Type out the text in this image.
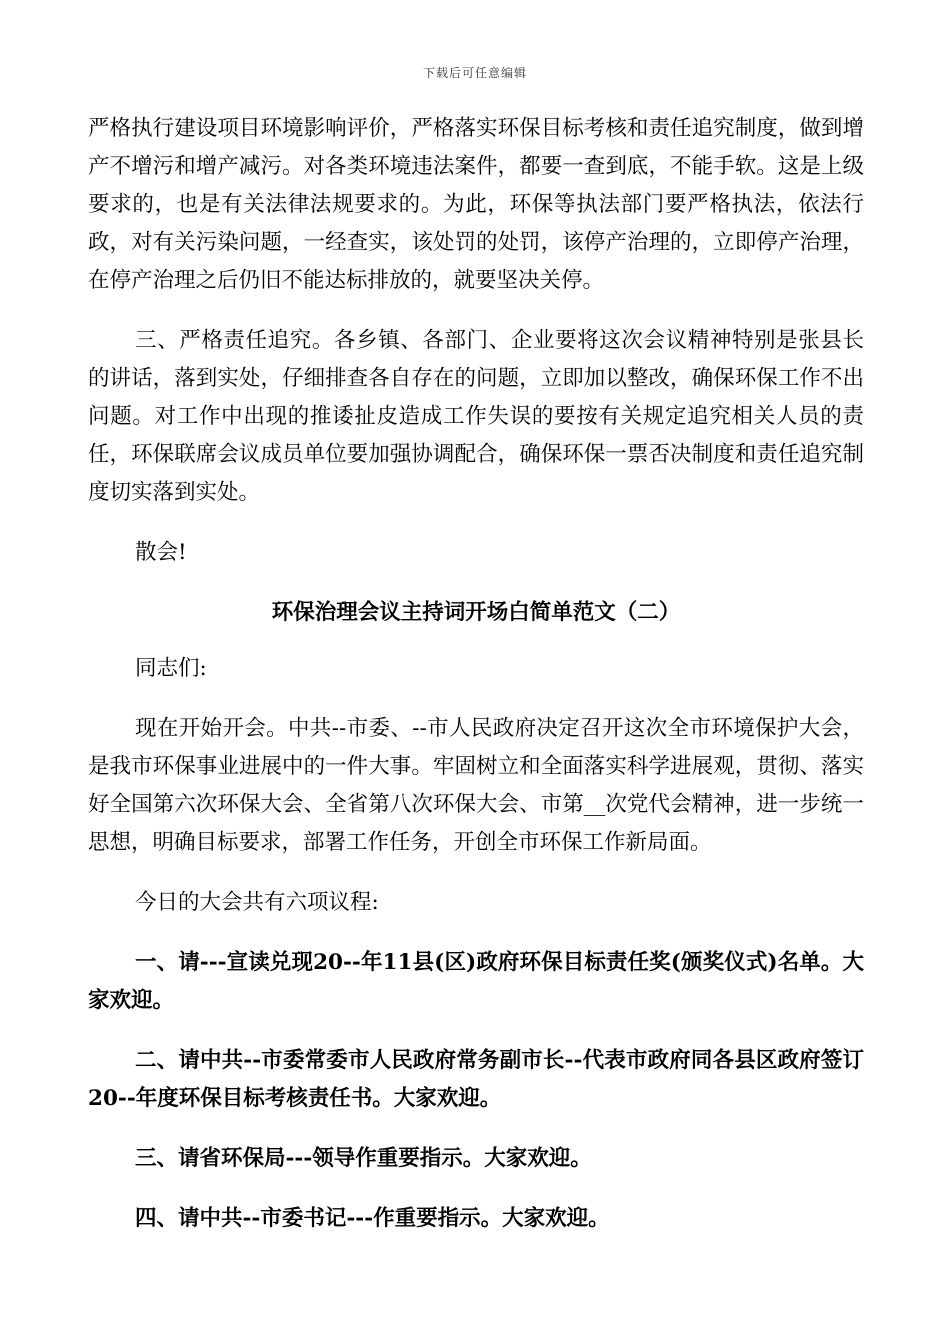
下载后可任意编辑

严格执行建设项目环境影响评价，严格落实环保目标考核和责任追究制度，做到增产不增污和增产减污。对各类环境违法案件，都要一查到底，不能手软。这是上级要求的，也是有关法律法规要求的。为此，环保等执法部门要严格执法，依法行政，对有关污染问题，一经查实，该处罚的处罚，该停产治理的，立即停产治理，在停产治理之后仍旧不能达标排放的，就要坚决关停。

三、严格责任追究。各乡镇、各部门、企业要将这次会议精神特别是张县长的讲话，落到实处，仔细排查各自存在的问题，立即加以整改，确保环保工作不出问题。对工作中出现的推诿扯皮造成工作失误的要按有关规定追究相关人员的责任，环保联席会议成员单位要加强协调配合，确保环保一票否决制度和责任追究制度切实落到实处。

散会!

环保治理会议主持词开场白简单范文（二）

同志们:

现在开始开会。中共--市委、--市人民政府决定召开这次全市环境保护大会，是我市环保事业进展中的一件大事。牢固树立和全面落实科学进展观，贯彻、落实好全国第六次环保大会、全省第八次环保大会、市第__次党代会精神，进一步统一思想，明确目标要求，部署工作任务，开创全市环保工作新局面。

今日的大会共有六项议程:

一、请---宣读兑现20--年11县(区)政府环保目标责任奖(颁奖仪式)名单。大家欢迎。

二、请中共--市委常委市人民政府常务副市长--代表市政府同各县区政府签订20--年度环保目标考核责任书。大家欢迎。

三、请省环保局---领导作重要指示。大家欢迎。

四、请中共--市委书记---作重要指示。大家欢迎。
